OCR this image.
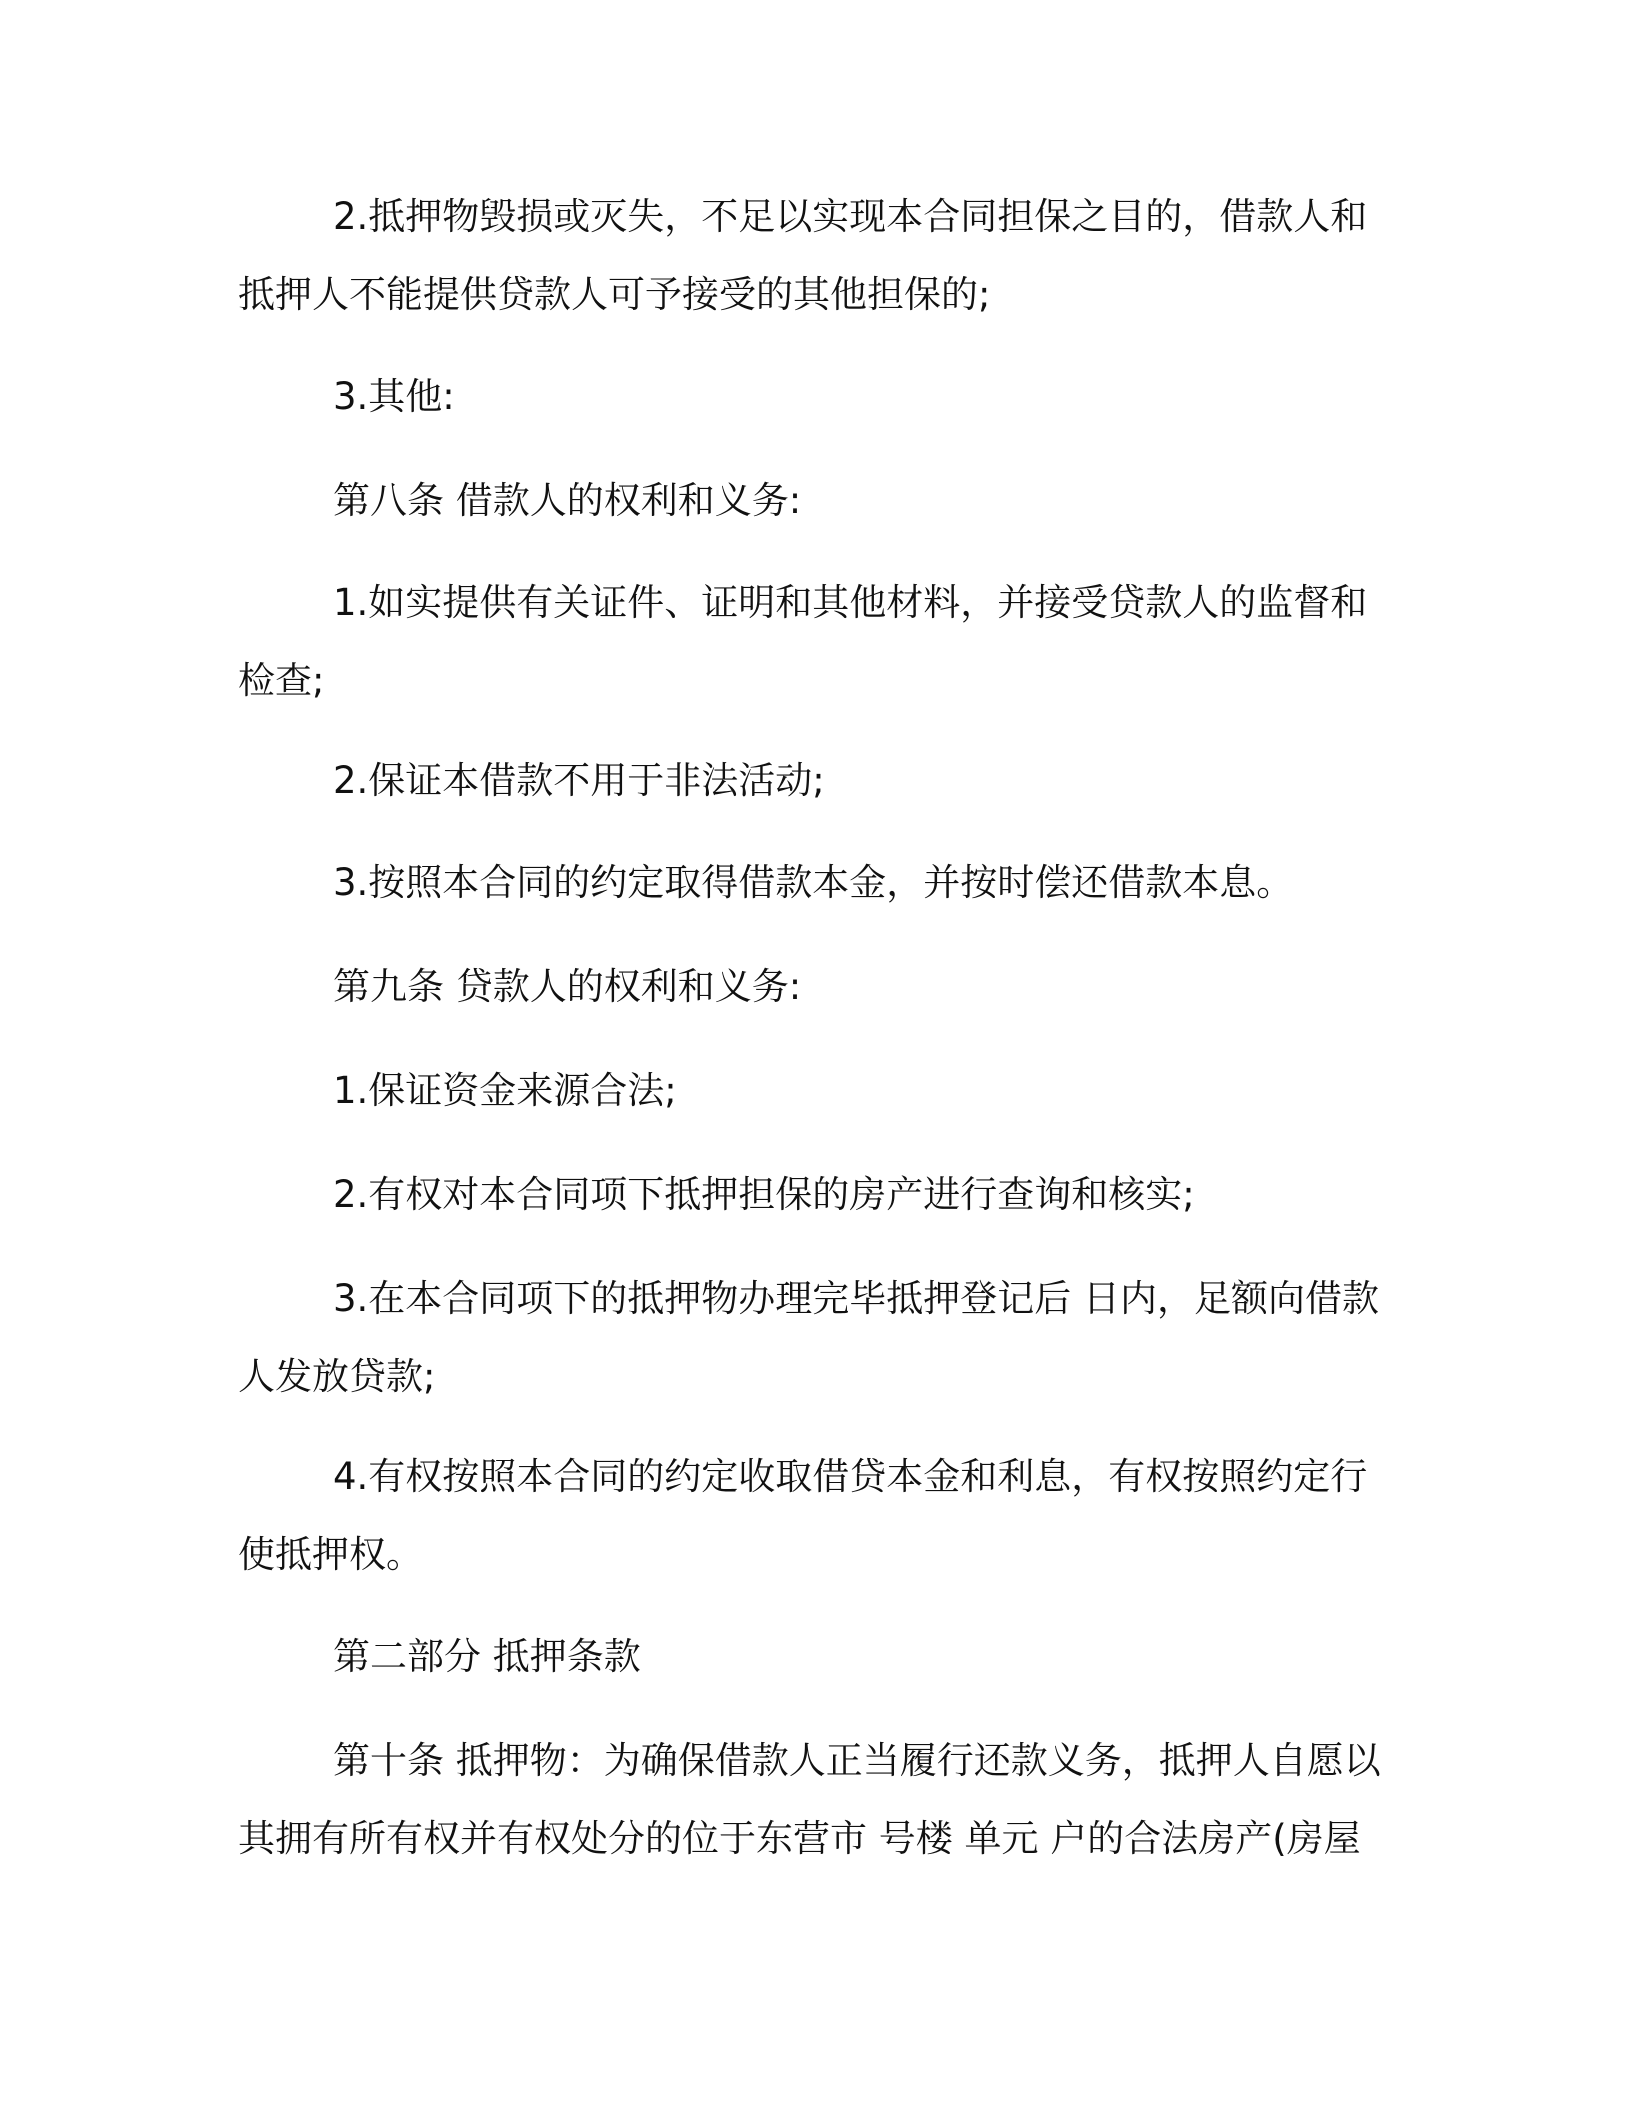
2.抵押物毁损或灭失，不足以实现本合同担保之目的，借款人和抵押人不能提供贷款人可予接受的其他担保的;

3.其他:

第八条 借款人的权利和义务:

1.如实提供有关证件、证明和其他材料，并接受贷款人的监督和检查;

2.保证本借款不用于非法活动;

3.按照本合同的约定取得借款本金，并按时偿还借款本息。

第九条 贷款人的权利和义务:

1.保证资金来源合法;

2.有权对本合同项下抵押担保的房产进行查询和核实;

3.在本合同项下的抵押物办理完毕抵押登记后 日内，足额向借款人发放贷款;

4.有权按照本合同的约定收取借贷本金和利息，有权按照约定行使抵押权。

第二部分 抵押条款

第十条 抵押物：为确保借款人正当履行还款义务，抵押人自愿以其拥有所有权并有权处分的位于东营市 号楼 单元 户的合法房产(房屋
